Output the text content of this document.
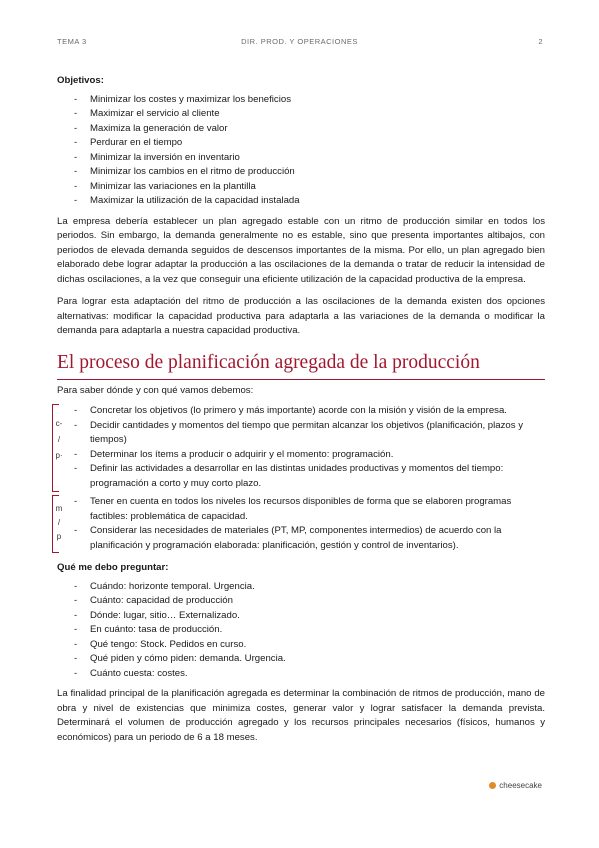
TEMA 3	DIR. PROD. Y OPERACIONES	2
Objetivos:
- Minimizar los costes y maximizar los beneficios
- Maximizar el servicio al cliente
- Maximiza la generación de valor
- Perdurar en el tiempo
- Minimizar la inversión en inventario
- Minimizar los cambios en el ritmo de producción
- Minimizar las variaciones en la plantilla
- Maximizar la utilización de la capacidad instalada

La empresa debería establecer un plan agregado estable con un ritmo de producción similar en todos los periodos. Sin embargo, la demanda generalmente no es estable, sino que presenta importantes altibajos, con periodos de elevada demanda seguidos de descensos importantes de la misma. Por ello, un plan agregado bien elaborado debe lograr adaptar la producción a las oscilaciones de la demanda o tratar de reducir la intensidad de dichas oscilaciones, a la vez que conseguir una eficiente utilización de la capacidad productiva de la empresa.

Para lograr esta adaptación del ritmo de producción a las oscilaciones de la demanda existen dos opciones alternativas: modificar la capacidad productiva para adaptarla a las variaciones de la demanda o modificar la demanda para adaptarla a nuestra capacidad productiva.

El proceso de planificación agregada de la producción
Para saber dónde y con qué vamos debemos:
c-
/
p·
- Concretar los objetivos (lo primero y más importante) acorde con la misión y visión de la empresa.
- Decidir cantidades y momentos del tiempo que permitan alcanzar los objetivos (planificación, plazos y tiempos)
- Determinar los ítems a producir o adquirir y el momento: programación.
- Definir las actividades a desarrollar en las distintas unidades productivas y momentos del tiempo: programación a corto y muy corto plazo.
m
/
p
- Tener en cuenta en todos los niveles los recursos disponibles de forma que se elaboren programas factibles: problemática de capacidad.
- Considerar las necesidades de materiales (PT, MP, componentes intermedios) de acuerdo con la planificación y programación elaborada: planificación, gestión y control de inventarios).
Qué me debo preguntar:
- Cuándo: horizonte temporal. Urgencia.
- Cuánto: capacidad de producción
- Dónde: lugar, sitio… Externalizado.
- En cuánto: tasa de producción.
- Qué tengo: Stock. Pedidos en curso.
- Qué piden y cómo piden: demanda. Urgencia.
- Cuánto cuesta: costes.

La finalidad principal de la planificación agregada es determinar la combinación de ritmos de producción, mano de obra y nivel de existencias que minimiza costes, generar valor y lograr satisfacer la demanda prevista. Determinará el volumen de producción agregado y los recursos principales necesarios (físicos, humanos y económicos) para un periodo de 6 a 18 meses.

cheesecake
